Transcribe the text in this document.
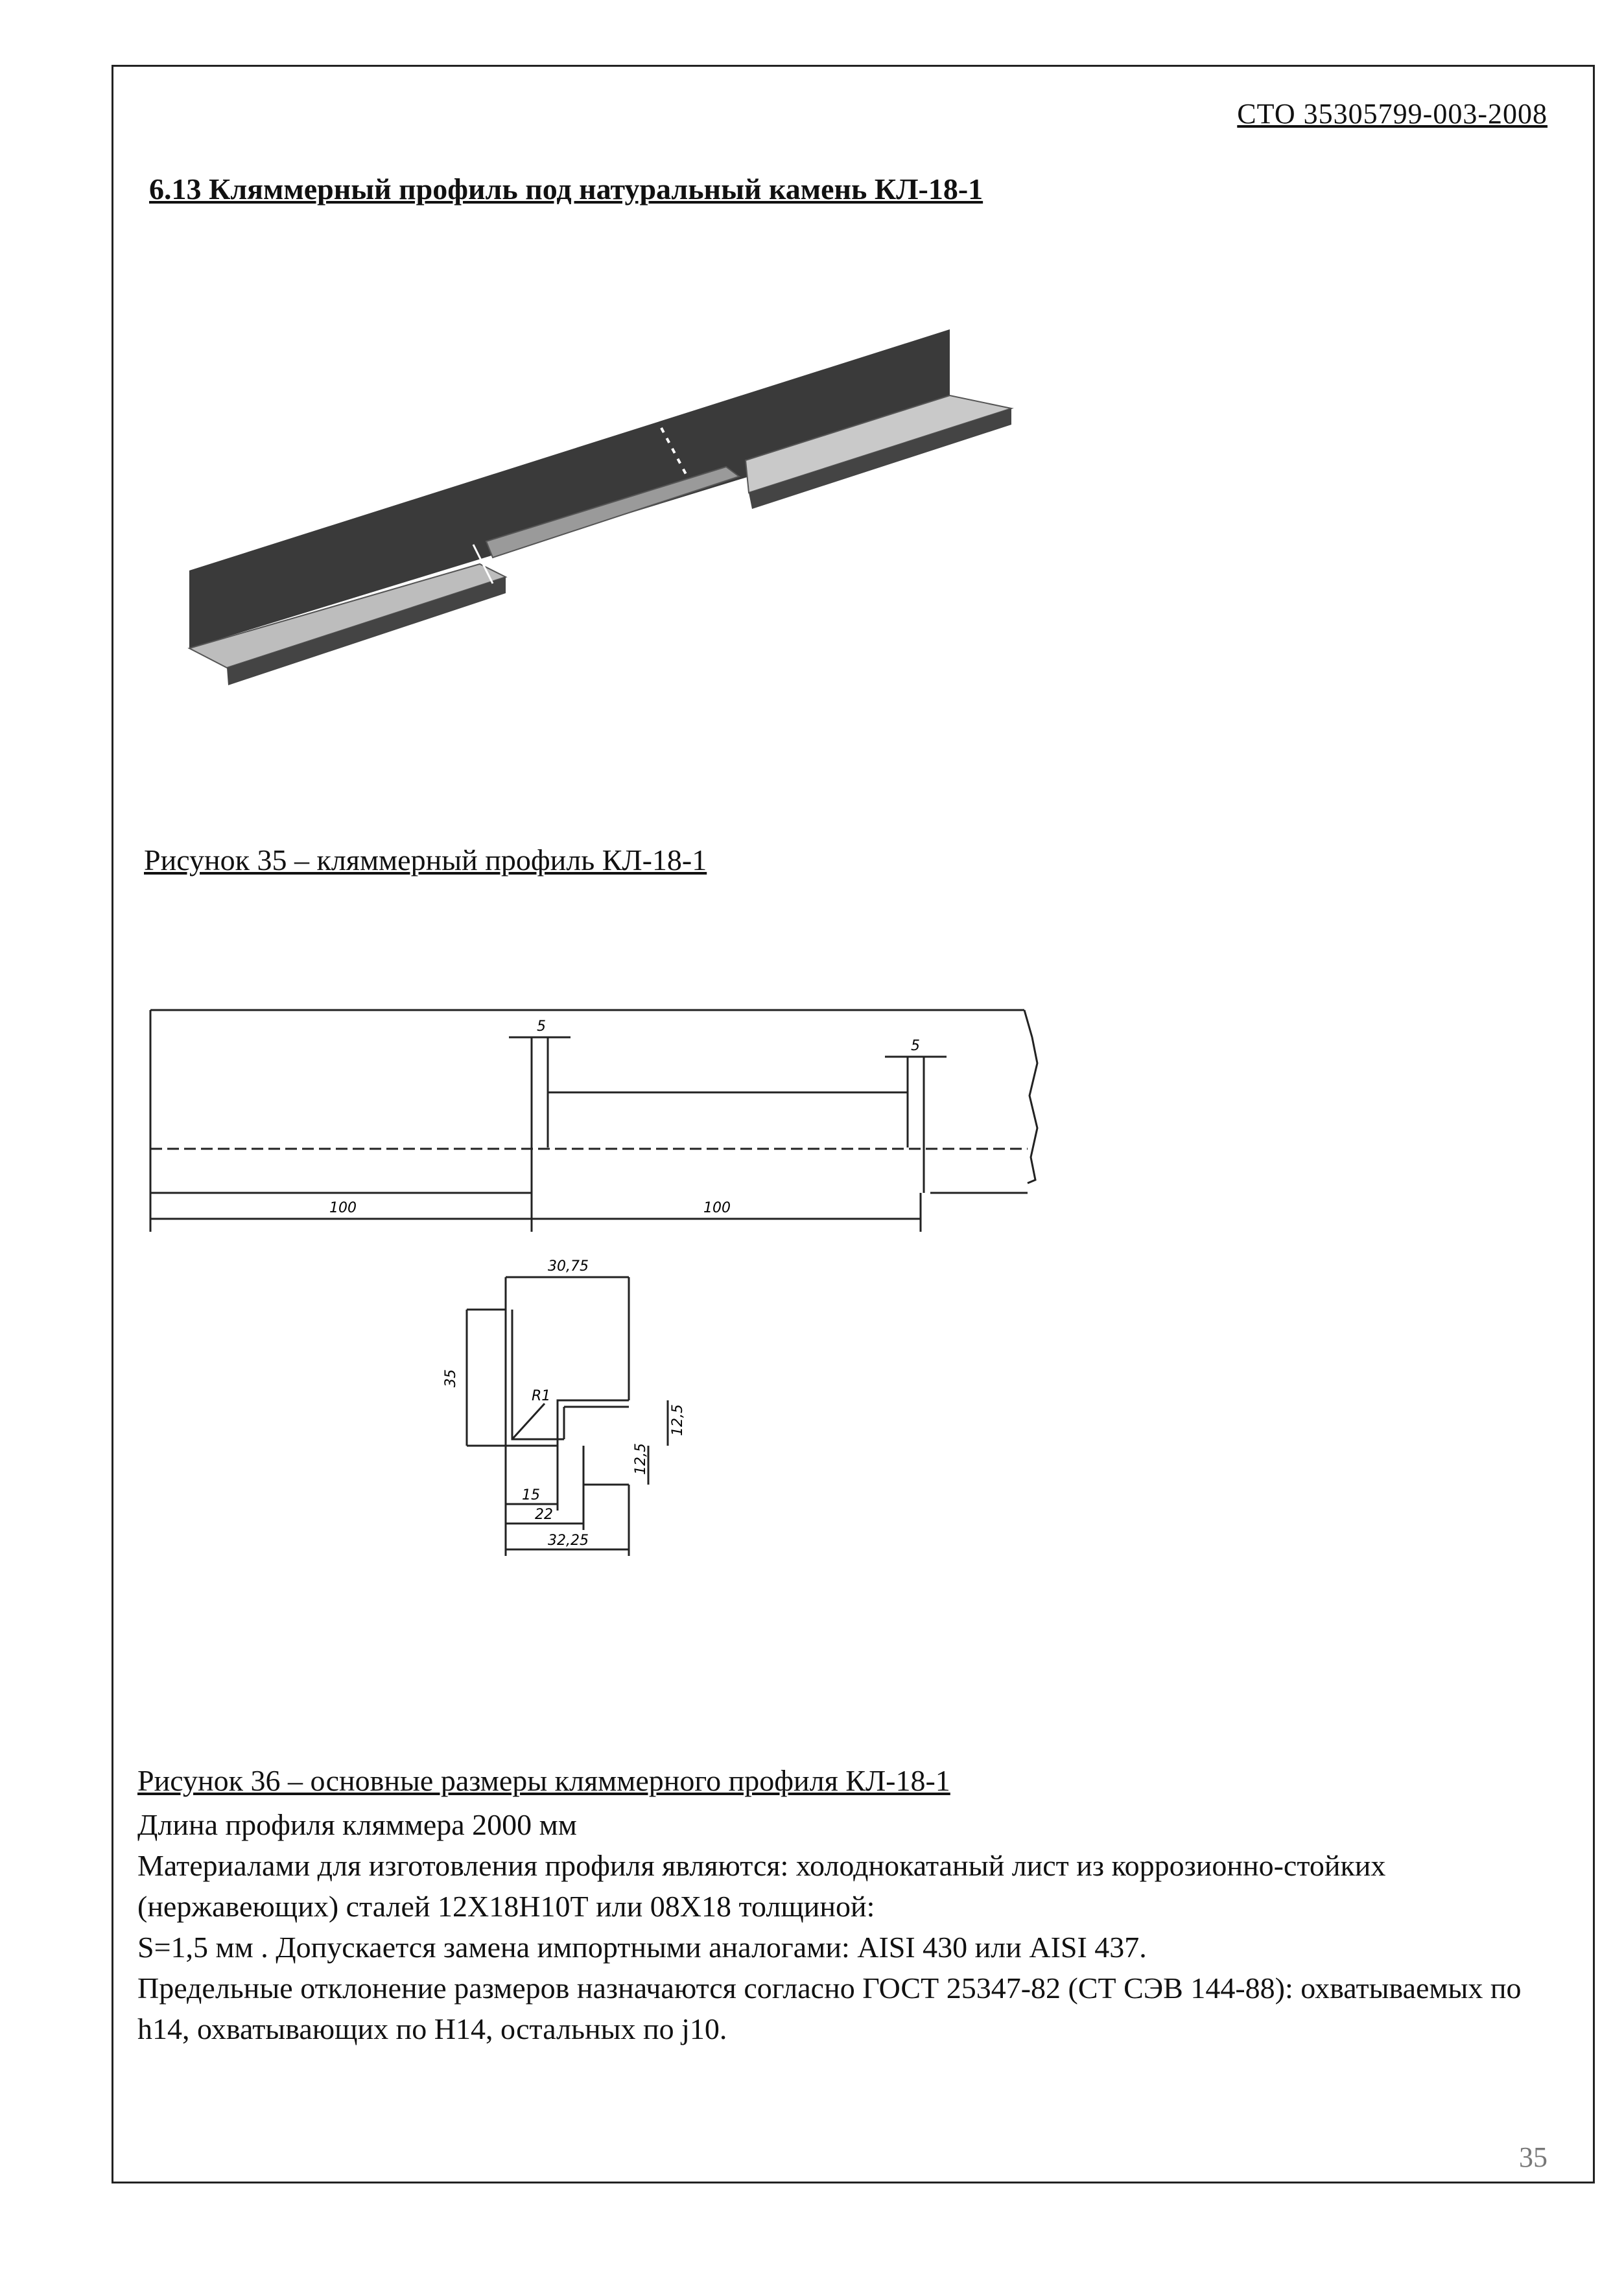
СТО 35305799-003-2008
6.13 Кляммерный профиль под натуральный камень КЛ-18-1
Рисунок 35 – кляммерный профиль КЛ-18-1
5
5
100	100
30,75
35
R1
12,5
12,5
15
22
32,25
Рисунок 36 – основные размеры кляммерного профиля КЛ-18-1

Длина профиля кляммера 2000 мм

Материалами для изготовления профиля являются: холоднокатаный лист из коррозионно-стойких (нержавеющих) сталей 12Х18Н10Т или 08Х18 толщиной:

S=1,5 мм . Допускается замена импортными аналогами: AISI 430 или AISI 437.

Предельные отклонение размеров назначаются согласно ГОСТ 25347-82 (СТ СЭВ 144-88): охватываемых по h14, охватывающих по Н14, остальных по j10.

35
